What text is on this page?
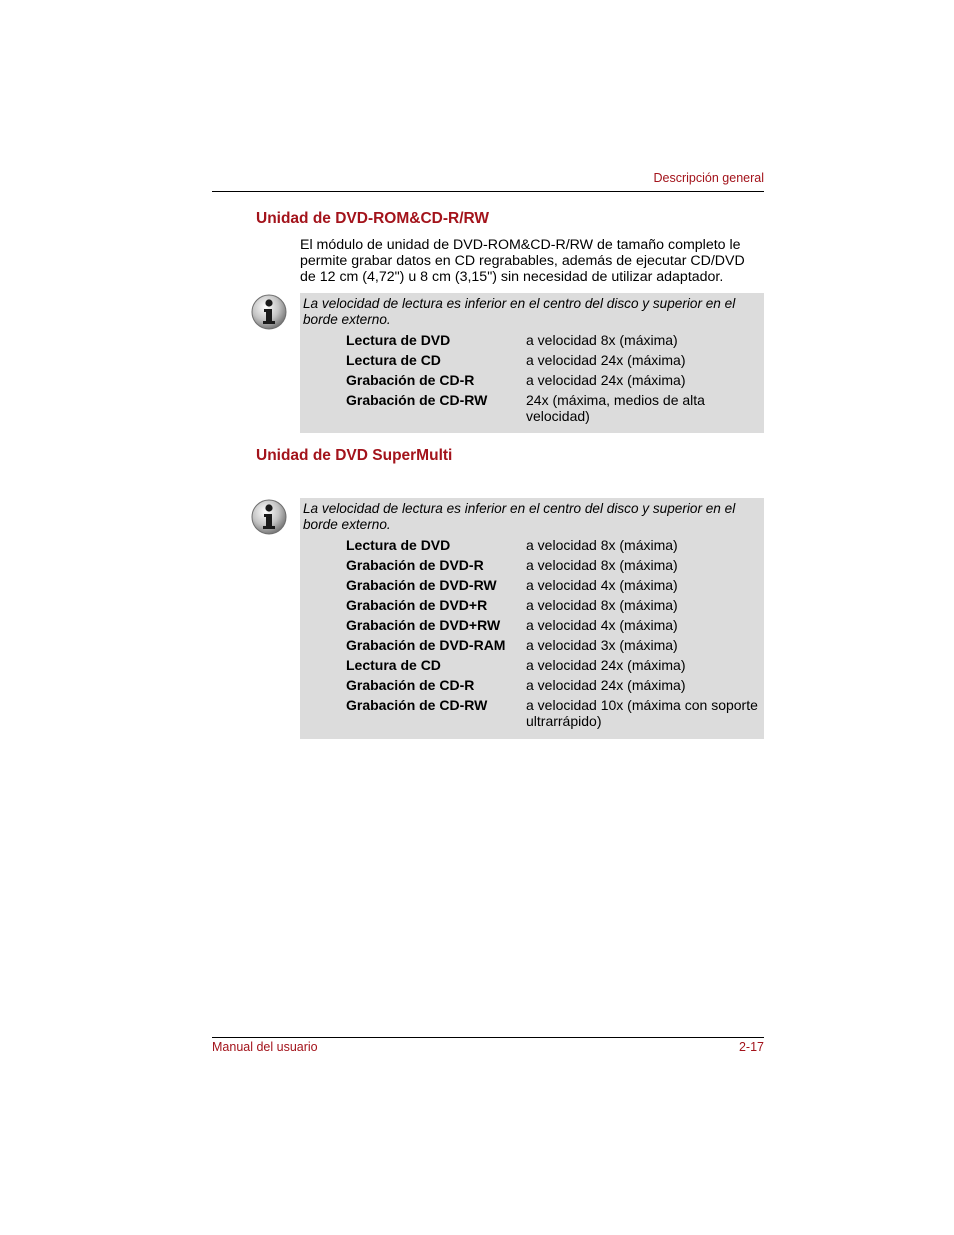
Descripción general
Unidad de DVD-ROM&CD-R/RW

El módulo de unidad de DVD-ROM&CD-R/RW de tamaño completo le permite grabar datos en CD regrabables, además de ejecutar CD/DVD de 12 cm (4,72") u 8 cm (3,15") sin necesidad de utilizar adaptador.

La velocidad de lectura es inferior en el centro del disco y superior en el borde externo.

Lectura de DVD	a velocidad 8x (máxima)
Lectura de CD	a velocidad 24x (máxima)
Grabación de CD-R	a velocidad 24x (máxima)
Grabación de CD-RW	24x (máxima, medios de alta velocidad)
Unidad de DVD SuperMulti

La velocidad de lectura es inferior en el centro del disco y superior en el borde externo.

Lectura de DVD	a velocidad 8x (máxima)
Grabación de DVD-R	a velocidad 8x (máxima)
Grabación de DVD-RW	a velocidad 4x (máxima)
Grabación de DVD+R	a velocidad 8x (máxima)
Grabación de DVD+RW	a velocidad 4x (máxima)
Grabación de DVD-RAM	a velocidad 3x (máxima)
Lectura de CD	a velocidad 24x (máxima)
Grabación de CD-R	a velocidad 24x (máxima)
Grabación de CD-RW	a velocidad 10x (máxima con soporte ultrarrápido)
Manual del usuario	2-17
